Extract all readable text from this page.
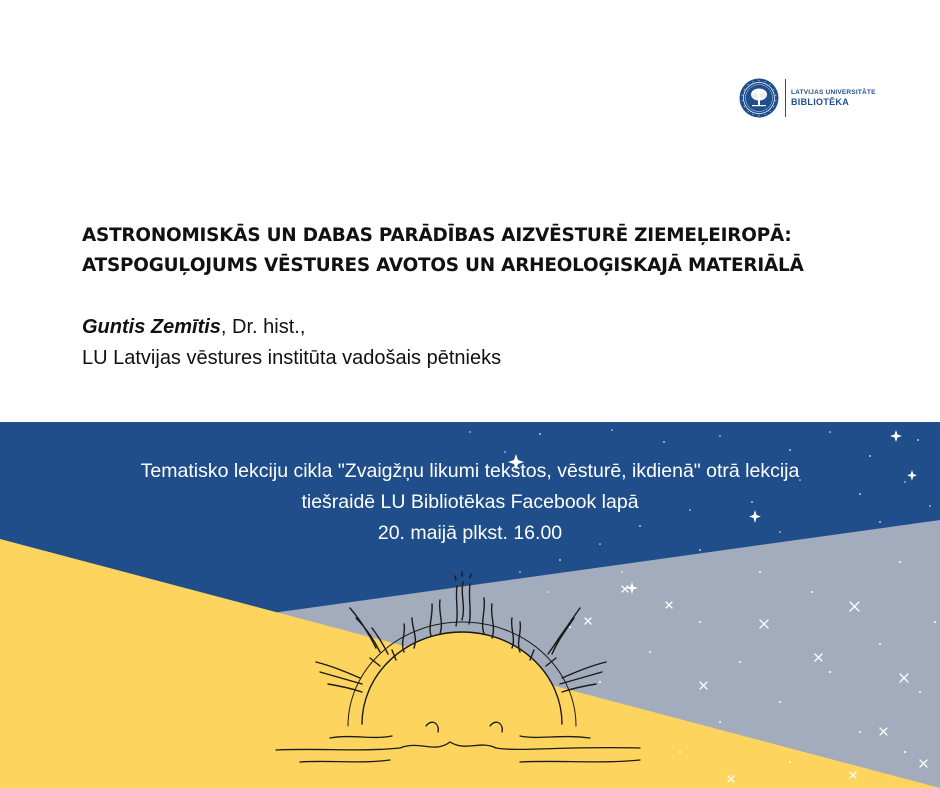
LATVIJAS UNIVERSITĀTE
BIBLIOTĒKA
ASTRONOMISKĀS UN DABAS PARĀDĪBAS AIZVĒSTURĒ ZIEMEĻEIROPĀ:
ATSPOGUĻOJUMS VĒSTURES AVOTOS UN ARHEOLOĢISKAJĀ MATERIĀLĀ
Guntis Zemītis, Dr. hist.,
LU Latvijas vēstures institūta vadošais pētnieks
Tematisko lekciju cikla "Zvaigžņu likumi tekstos, vēsturē, ikdienā" otrā lekcija
tiešraidē LU Bibliotēkas Facebook lapā
20. maijā plkst. 16.00
